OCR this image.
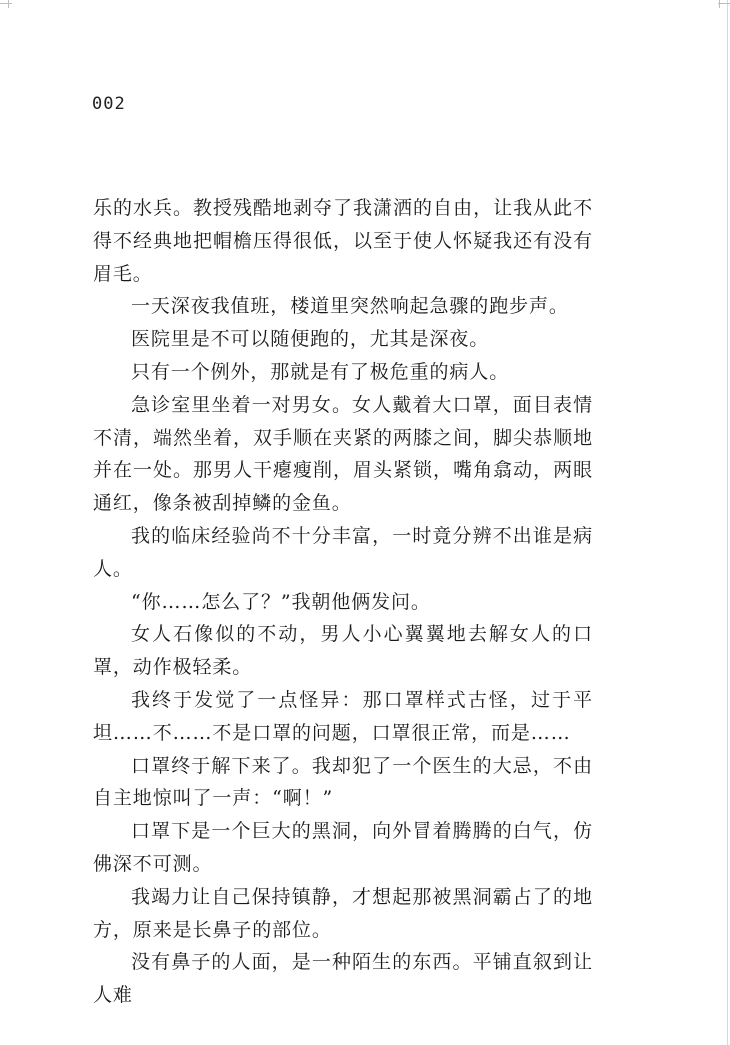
002

乐的水兵。教授残酷地剥夺了我潇洒的自由，让我从此不得不经典地把帽檐压得很低，以至于使人怀疑我还有没有眉毛。

一天深夜我值班，楼道里突然响起急骤的跑步声。

医院里是不可以随便跑的，尤其是深夜。

只有一个例外，那就是有了极危重的病人。

急诊室里坐着一对男女。女人戴着大口罩，面目表情不清，端然坐着，双手顺在夹紧的两膝之间，脚尖恭顺地并在一处。那男人干瘪瘦削，眉头紧锁，嘴角翕动，两眼通红，像条被刮掉鳞的金鱼。

我的临床经验尚不十分丰富，一时竟分辨不出谁是病人。

“你……怎么了？”我朝他俩发问。

女人石像似的不动，男人小心翼翼地去解女人的口罩，动作极轻柔。

我终于发觉了一点怪异：那口罩样式古怪，过于平坦……不……不是口罩的问题，口罩很正常，而是……

口罩终于解下来了。我却犯了一个医生的大忌，不由自主地惊叫了一声：“啊！”

口罩下是一个巨大的黑洞，向外冒着腾腾的白气，仿佛深不可测。

我竭力让自己保持镇静，才想起那被黑洞霸占了的地方，原来是长鼻子的部位。

没有鼻子的人面，是一种陌生的东西。平铺直叙到让人难
